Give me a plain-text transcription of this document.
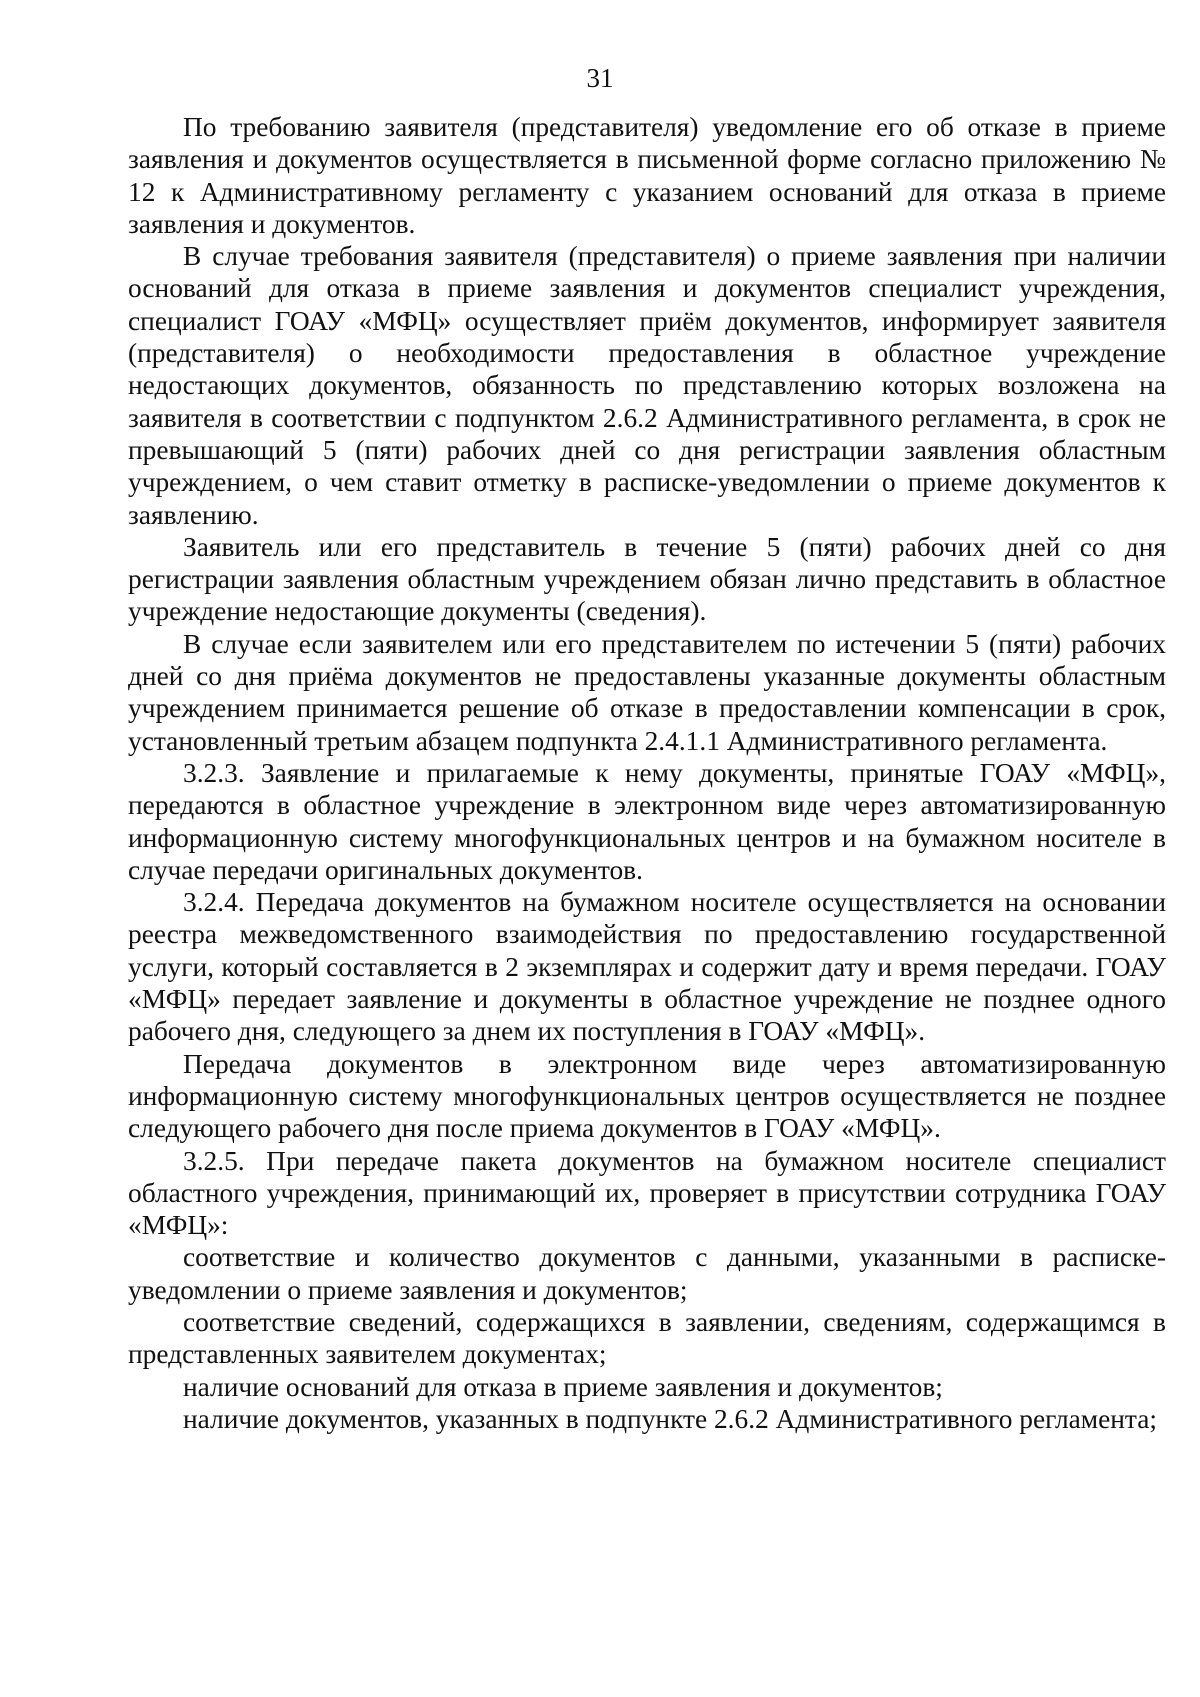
31

По требованию заявителя (представителя) уведомление его об отказе в приеме заявления и документов осуществляется в письменной форме согласно приложению № 12 к Административному регламенту с указанием оснований для отказа в приеме заявления и документов.

В случае требования заявителя (представителя) о приеме заявления при наличии оснований для отказа в приеме заявления и документов специалист учреждения, специалист ГОАУ «МФЦ» осуществляет приём документов, информирует заявителя (представителя) о необходимости предоставления в областное учреждение недостающих документов, обязанность по представлению которых возложена на заявителя в соответствии с подпунктом 2.6.2 Административного регламента, в срок не превышающий 5 (пяти) рабочих дней со дня регистрации заявления областным учреждением, о чем ставит отметку в расписке-уведомлении о приеме документов к заявлению.

Заявитель или его представитель в течение 5 (пяти) рабочих дней со дня регистрации заявления областным учреждением обязан лично представить в областное учреждение недостающие документы (сведения).

В случае если заявителем или его представителем по истечении 5 (пяти) рабочих дней со дня приёма документов не предоставлены указанные документы областным учреждением принимается решение об отказе в предоставлении компенсации в срок, установленный третьим абзацем подпункта 2.4.1.1 Административного регламента.

3.2.3. Заявление и прилагаемые к нему документы, принятые ГОАУ «МФЦ», передаются в областное учреждение в электронном виде через автоматизированную информационную систему многофункциональных центров и на бумажном носителе в случае передачи оригинальных документов.

3.2.4. Передача документов на бумажном носителе осуществляется на основании реестра межведомственного взаимодействия по предоставлению государственной услуги, который составляется в 2 экземплярах и содержит дату и время передачи. ГОАУ «МФЦ» передает заявление и документы в областное учреждение не позднее одного рабочего дня, следующего за днем их поступления в ГОАУ «МФЦ».

Передача документов в электронном виде через автоматизированную информационную систему многофункциональных центров осуществляется не позднее следующего рабочего дня после приема документов в ГОАУ «МФЦ».

3.2.5. При передаче пакета документов на бумажном носителе специалист областного учреждения, принимающий их, проверяет в присутствии сотрудника ГОАУ «МФЦ»:

соответствие и количество документов с данными, указанными в расписке-уведомлении о приеме заявления и документов;

соответствие сведений, содержащихся в заявлении, сведениям, содержащимся в представленных заявителем документах;

наличие оснований для отказа в приеме заявления и документов;

наличие документов, указанных в подпункте 2.6.2 Административного регламента;
